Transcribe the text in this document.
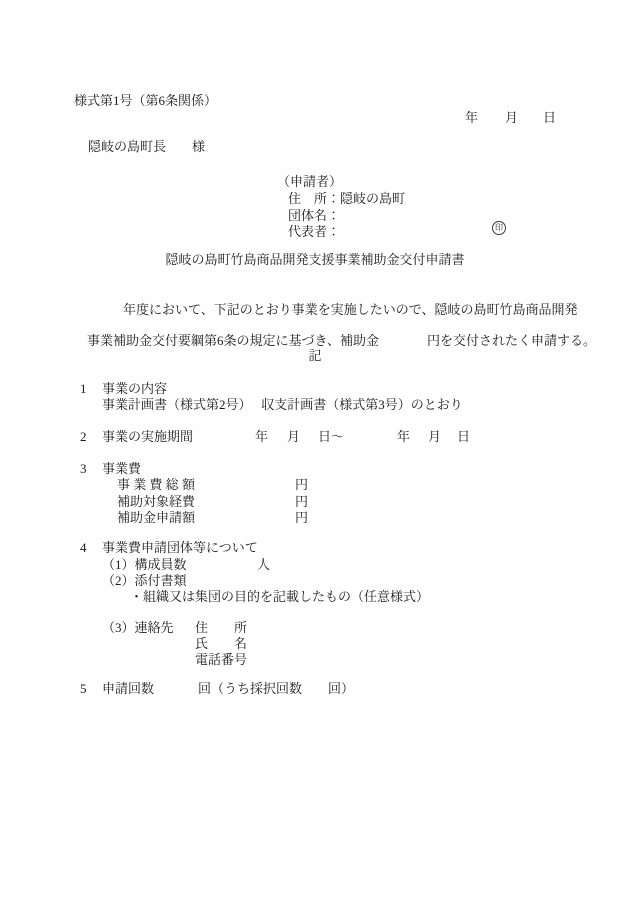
様式第1号（第6条関係）
年 月 日
隠岐の島町長　　様
（申請者）
住　所：隠岐の島町
団体名：
代表者：	印
隠岐の島町竹島商品開発支援事業補助金交付申請書
年度において、下記のとおり事業を実施したいので、隠岐の島町竹島商品開発

事業補助金交付要綱第6条の規定に基づき、補助金	円を交付されたく申請する。

記
1 事業の内容
事業計画書（様式第2号）　 収支計画書（様式第3号）のとおり
2 事業の実施期間	年 月 日～	年 月 日
3 事業費
事 業 費 総 額	円
補助対象経費	円
補助金申請額	円
4 事業費申請団体等について
（1）構成員数	人
（2）添付書類
・組織又は集団の目的を記載したもの（任意様式）
（3）連絡先 住　　所
氏　　名
電話番号
5 申請回数	回（うち採択回数　　回）
